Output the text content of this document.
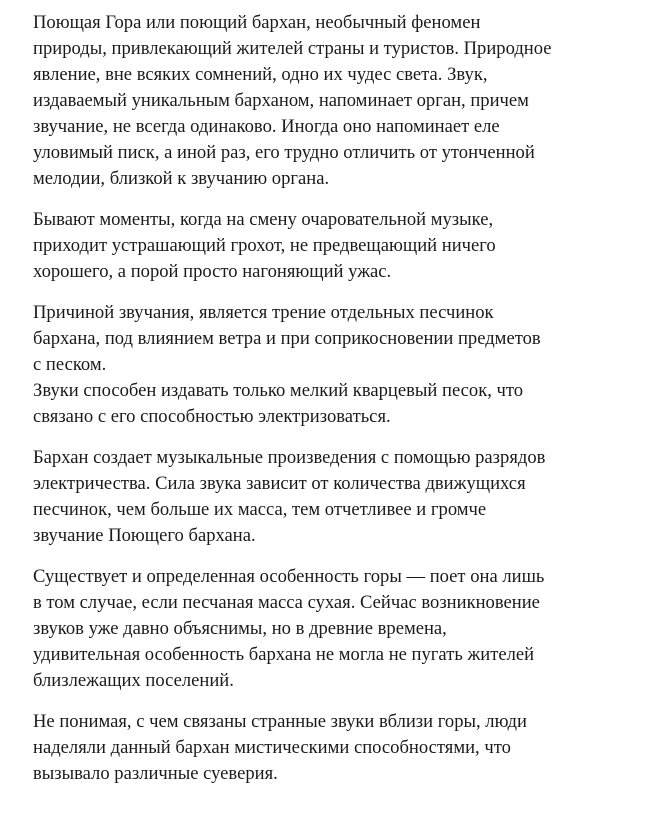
Поющая Гора или поющий бархан, необычный феномен
природы, привлекающий жителей страны и туристов. Природное
явление, вне всяких сомнений, одно их чудес света. Звук,
издаваемый уникальным барханом, напоминает орган, причем
звучание, не всегда одинаково. Иногда оно напоминает еле
уловимый писк, а иной раз, его трудно отличить от утонченной
мелодии, близкой к звучанию органа.

Бывают моменты, когда на смену очаровательной музыке,
приходит устрашающий грохот, не предвещающий ничего
хорошего, а порой просто нагоняющий ужас.

Причиной звучания, является трение отдельных песчинок
бархана, под влиянием ветра и при соприкосновении предметов
с песком.
Звуки способен издавать только мелкий кварцевый песок, что
связано с его способностью электризоваться.

Бархан создает музыкальные произведения с помощью разрядов
электричества. Сила звука зависит от количества движущихся
песчинок, чем больше их масса, тем отчетливее и громче
звучание Поющего бархана.

Существует и определенная особенность горы — поет она лишь
в том случае, если песчаная масса сухая. Сейчас возникновение
звуков уже давно объяснимы, но в древние времена,
удивительная особенность бархана не могла не пугать жителей
близлежащих поселений.

Не понимая, с чем связаны странные звуки вблизи горы, люди
наделяли данный бархан мистическими способностями, что
вызывало различные суеверия.
